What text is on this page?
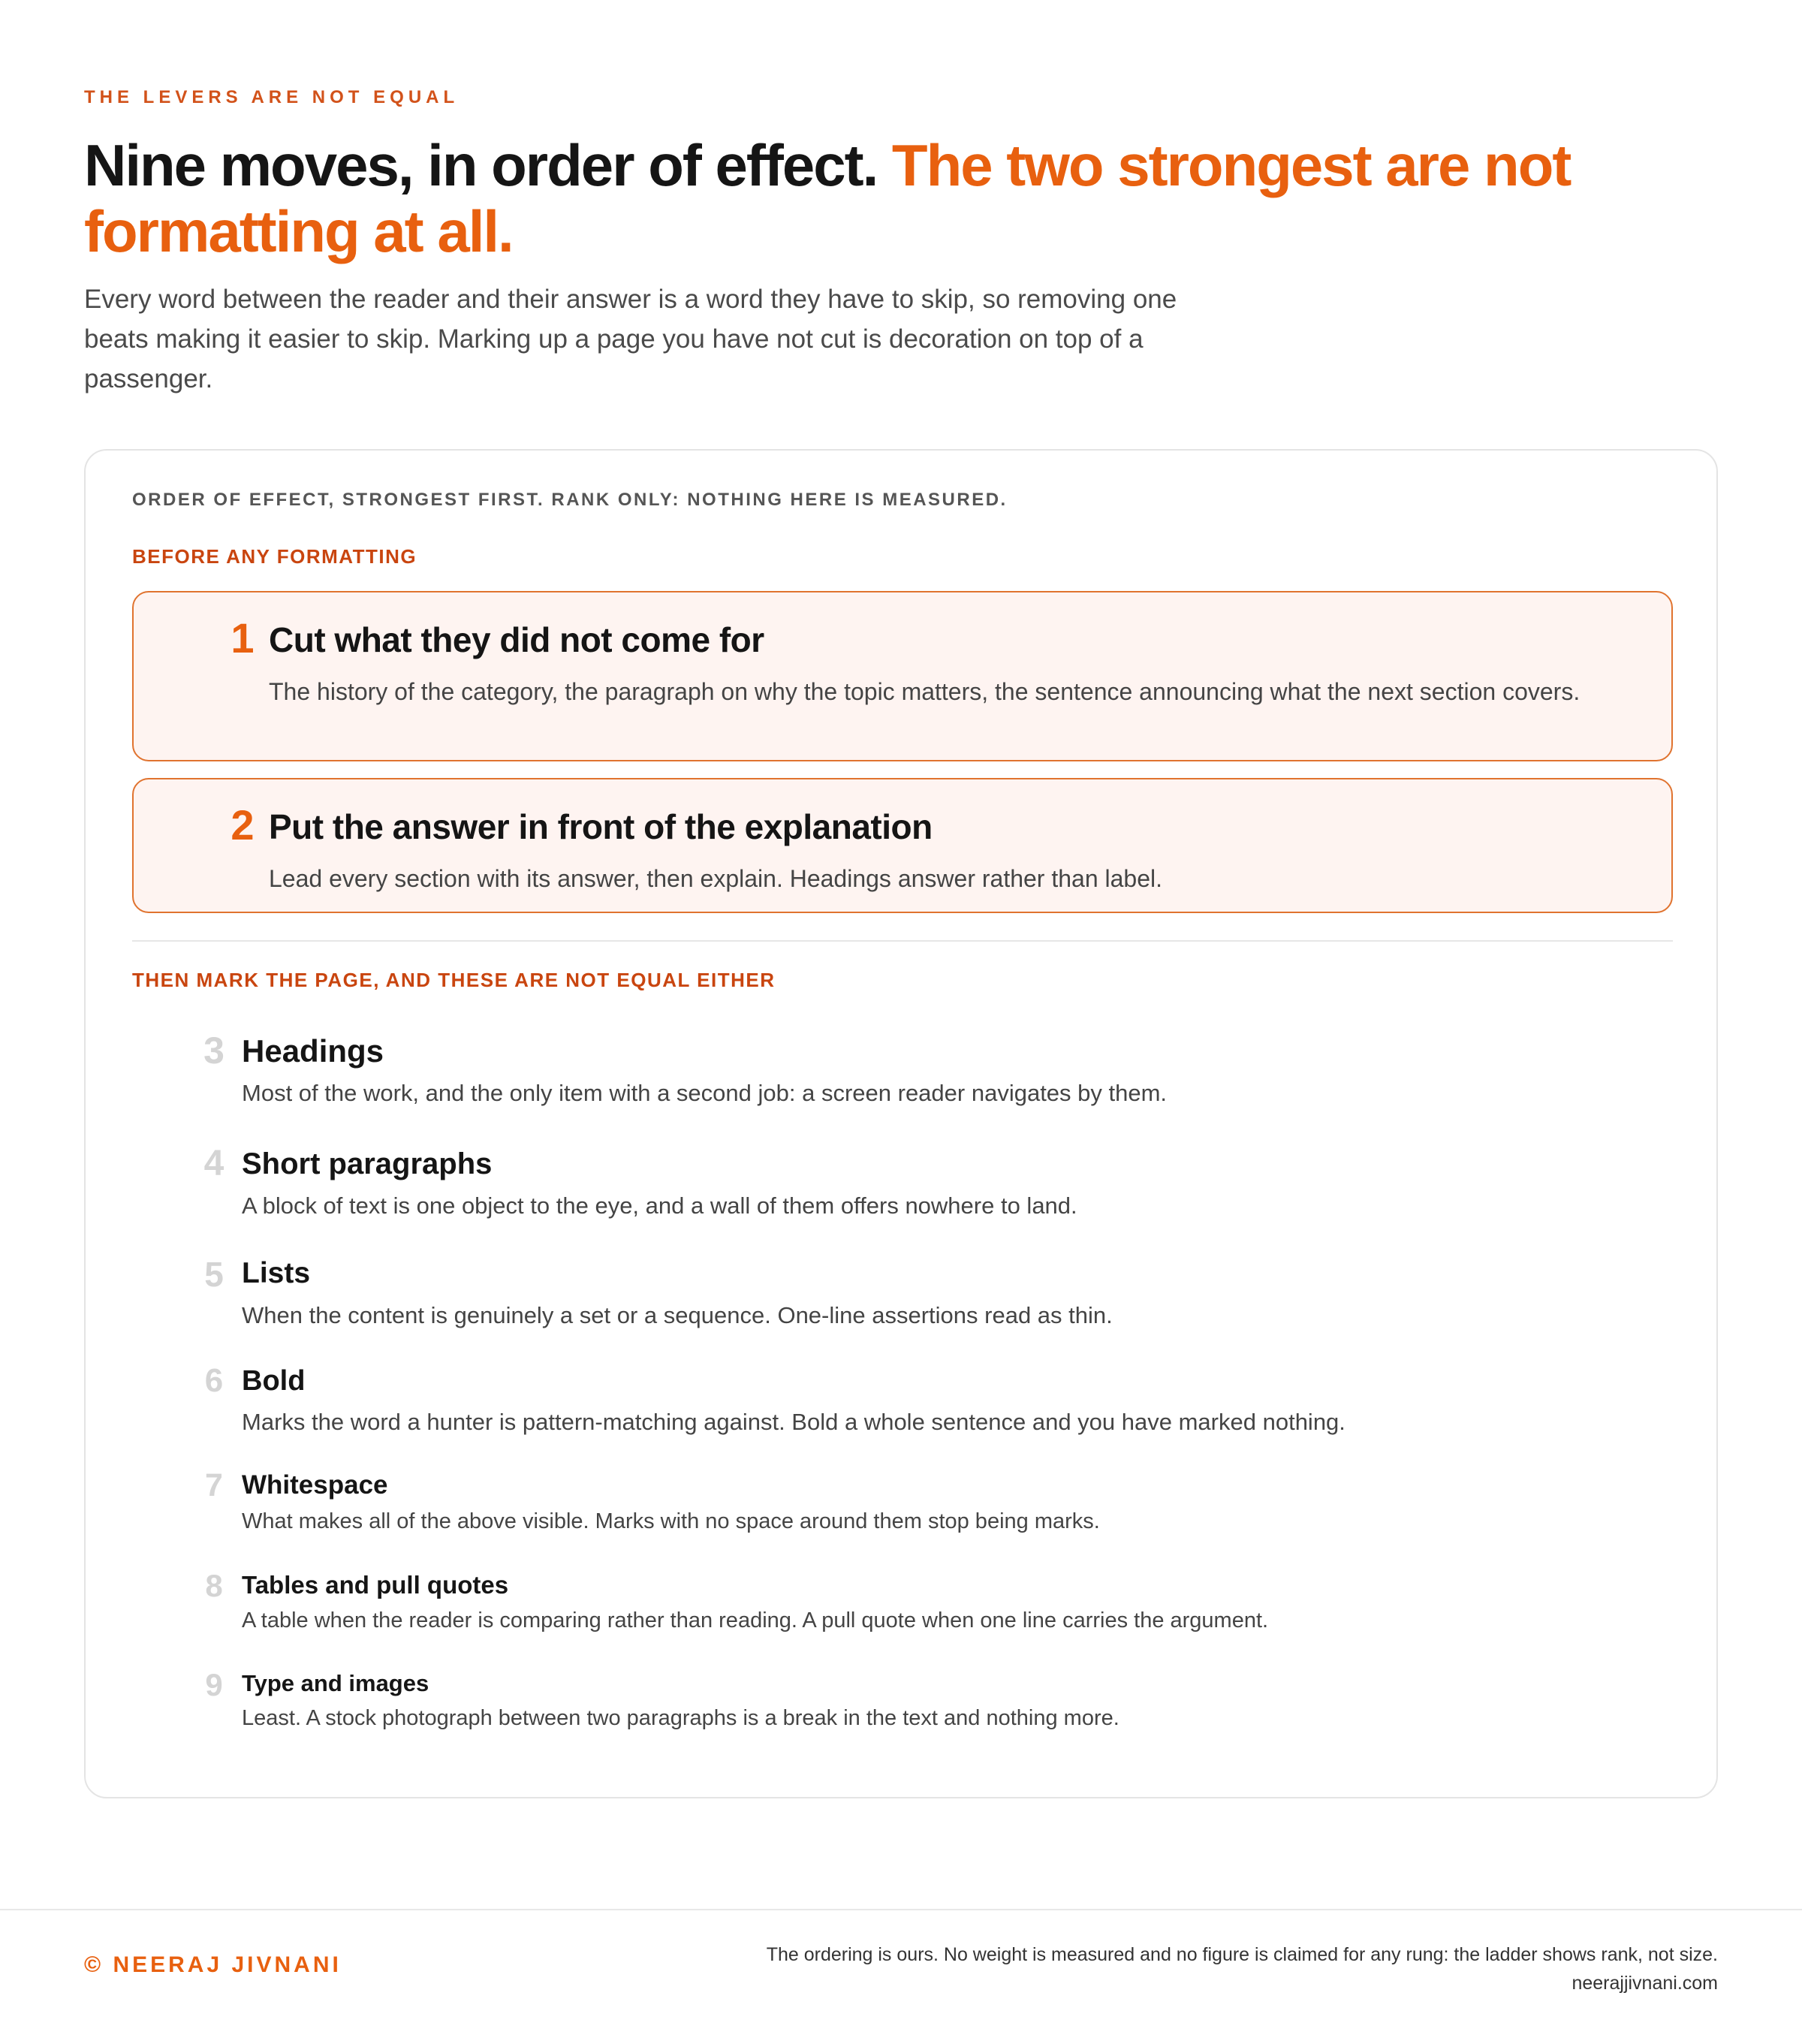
THE LEVERS ARE NOT EQUAL
Nine moves, in order of effect. The two strongest are not formatting at all.

Every word between the reader and their answer is a word they have to skip, so removing one beats making it easier to skip. Marking up a page you have not cut is decoration on top of a passenger.

ORDER OF EFFECT, STRONGEST FIRST. RANK ONLY: NOTHING HERE IS MEASURED.
BEFORE ANY FORMATTING
1 Cut what they did not come for
The history of the category, the paragraph on why the topic matters, the sentence announcing what the next section covers.
2 Put the answer in front of the explanation
Lead every section with its answer, then explain. Headings answer rather than label.
THEN MARK THE PAGE, AND THESE ARE NOT EQUAL EITHER
3 Headings
Most of the work, and the only item with a second job: a screen reader navigates by them.
4 Short paragraphs
A block of text is one object to the eye, and a wall of them offers nowhere to land.
5 Lists
When the content is genuinely a set or a sequence. One-line assertions read as thin.
6 Bold
Marks the word a hunter is pattern-matching against. Bold a whole sentence and you have marked nothing.
7 Whitespace
What makes all of the above visible. Marks with no space around them stop being marks.
8 Tables and pull quotes
A table when the reader is comparing rather than reading. A pull quote when one line carries the argument.
9 Type and images
Least. A stock photograph between two paragraphs is a break in the text and nothing more.
© NEERAJ JIVNANI	The ordering is ours. No weight is measured and no figure is claimed for any rung: the ladder shows rank, not size.
neerajjivnani.com
